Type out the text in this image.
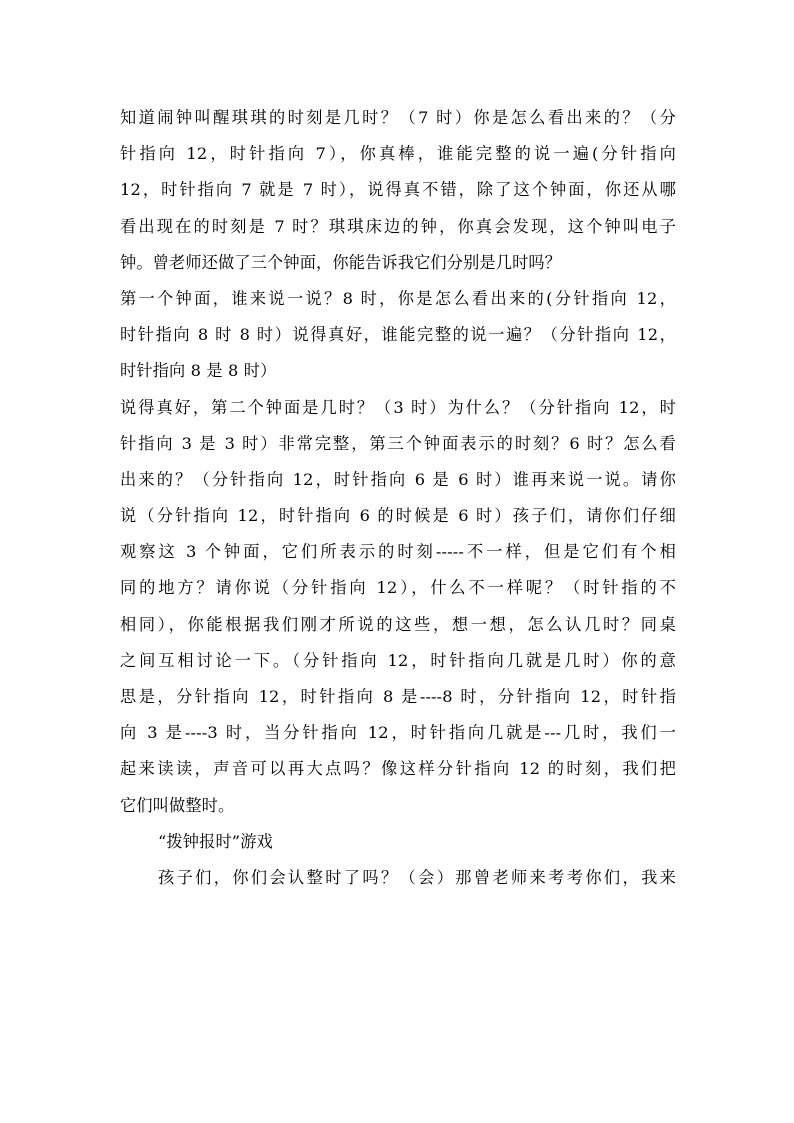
知道闹钟叫醒琪琪的时刻是几时？（7 时）你是怎么看出来的？（分
针指向 12，时针指向 7），你真棒，谁能完整的说一遍(分针指向
12，时针指向 7 就是 7 时），说得真不错，除了这个钟面，你还从哪
看出现在的时刻是 7 时？琪琪床边的钟，你真会发现，这个钟叫电子
钟。曾老师还做了三个钟面，你能告诉我它们分别是几时吗？
第一个钟面，谁来说一说？8 时，你是怎么看出来的(分针指向 12，
时针指向 8 时 8 时）说得真好，谁能完整的说一遍？（分针指向 12，
时针指向 8 是 8 时）
说得真好，第二个钟面是几时？（3 时）为什么？（分针指向 12，时
针指向 3 是 3 时）非常完整，第三个钟面表示的时刻？6 时？怎么看
出来的？（分针指向 12，时针指向 6 是 6 时）谁再来说一说。请你
说（分针指向 12，时针指向 6 的时候是 6 时）孩子们，请你们仔细
观察这 3 个钟面，它们所表示的时刻-----不一样，但是它们有个相
同的地方？请你说（分针指向 12），什么不一样呢？（时针指的不
相同），你能根据我们刚才所说的这些，想一想，怎么认几时？同桌
之间互相讨论一下。（分针指向 12，时针指向几就是几时）你的意
思是，分针指向 12，时针指向 8 是----8 时，分针指向 12，时针指
向 3 是----3 时，当分针指向 12，时针指向几就是---几时，我们一
起来读读，声音可以再大点吗？像这样分针指向 12 的时刻，我们把
它们叫做整时。
“拨钟报时”游戏
孩子们，你们会认整时了吗？（会）那曾老师来考考你们，我来
